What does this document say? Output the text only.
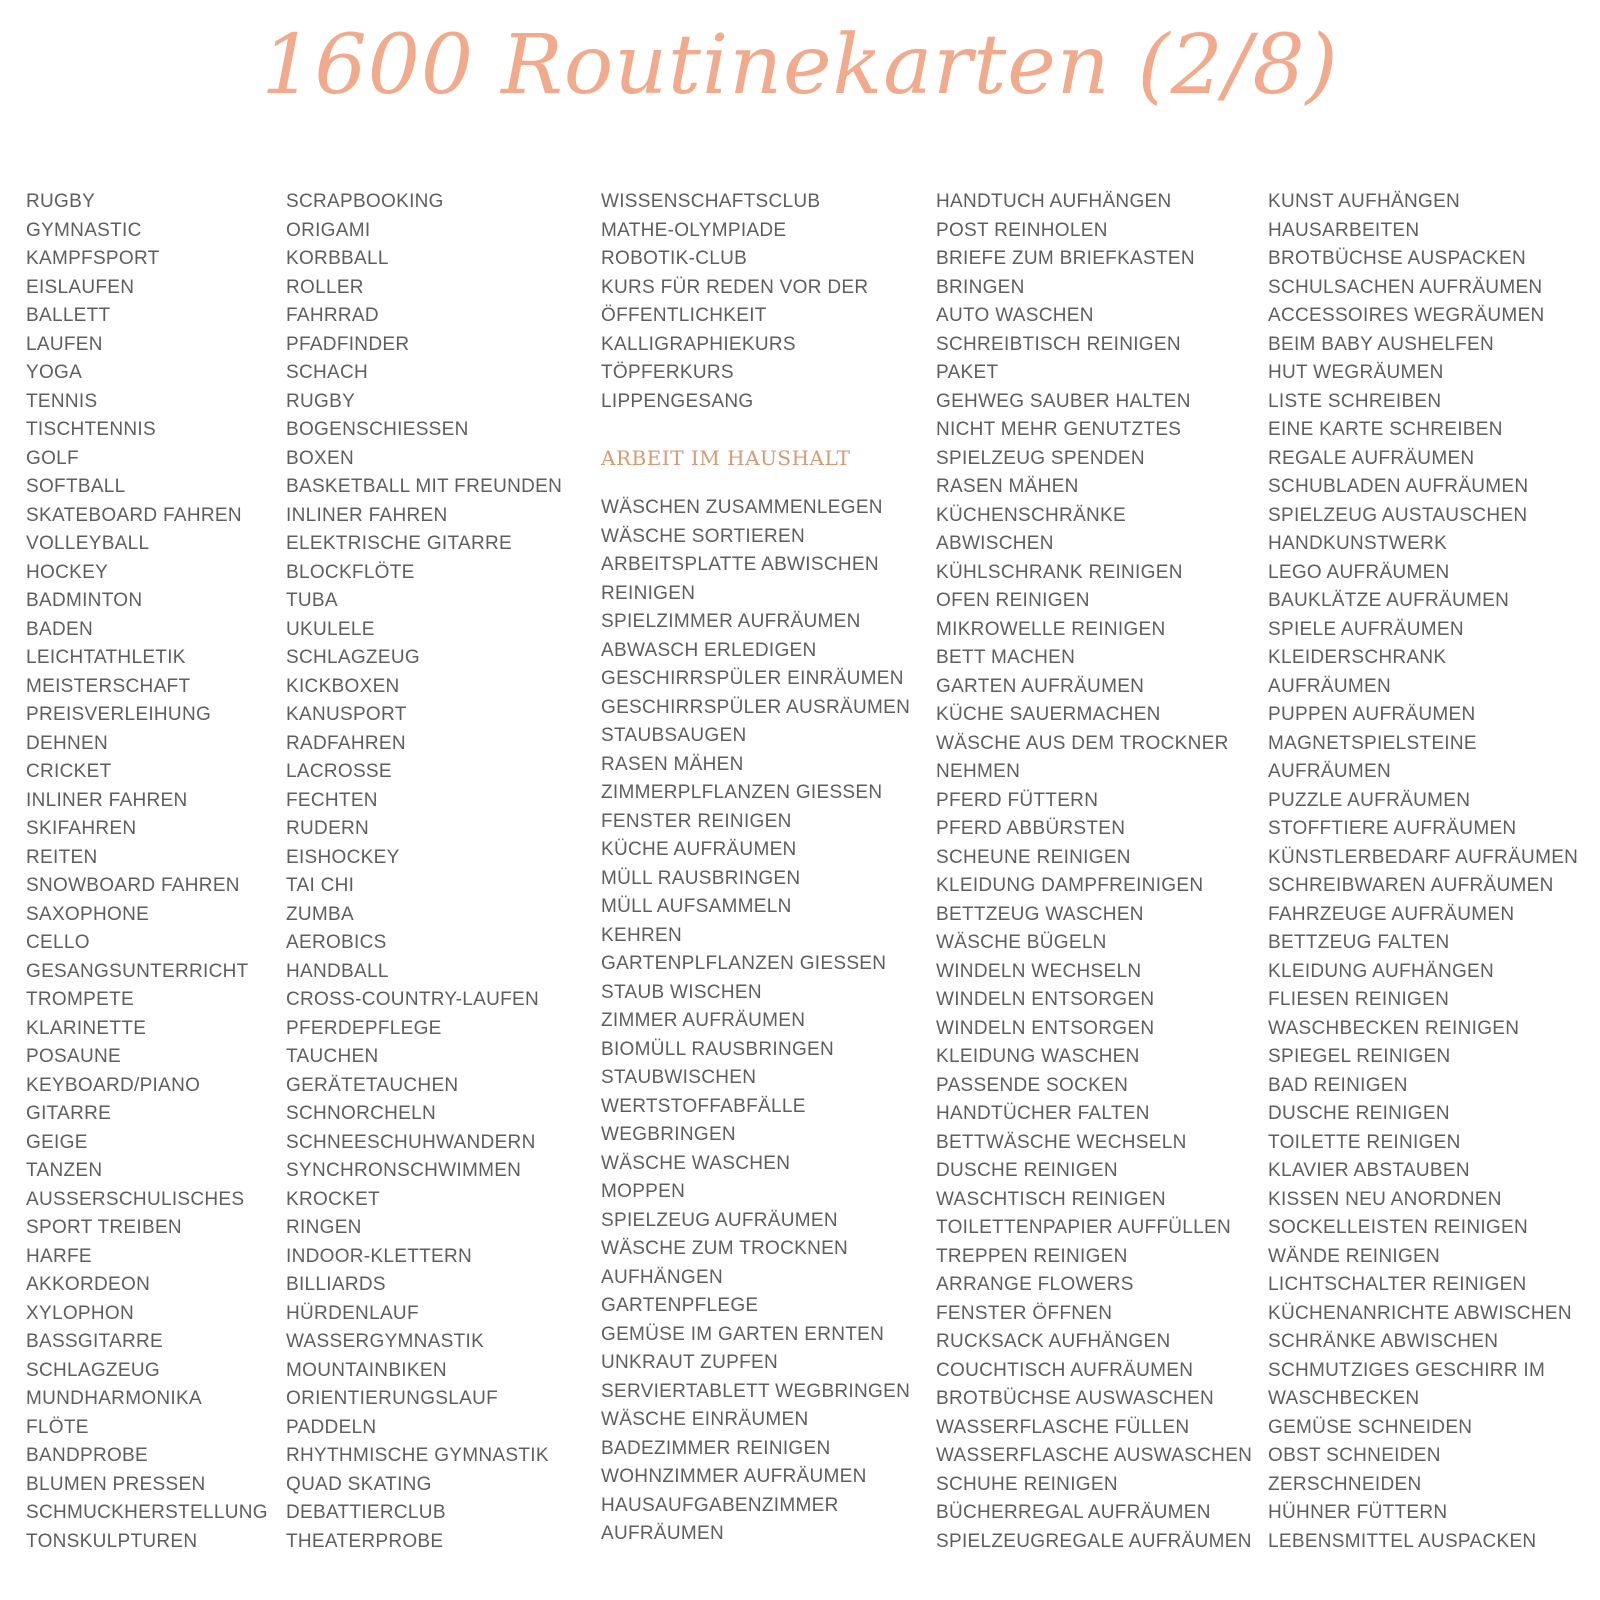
1600 Routinekarten (2/8)
RUGBY
GYMNASTIC
KAMPFSPORT
EISLAUFEN
BALLETT
LAUFEN
YOGA
TENNIS
TISCHTENNIS
GOLF
SOFTBALL
SKATEBOARD FAHREN
VOLLEYBALL
HOCKEY
BADMINTON
BADEN
LEICHTATHLETIK
MEISTERSCHAFT
PREISVERLEIHUNG
DEHNEN
CRICKET
INLINER FAHREN
SKIFAHREN
REITEN
SNOWBOARD FAHREN
SAXOPHONE
CELLO
GESANGSUNTERRICHT
TROMPETE
KLARINETTE
POSAUNE
KEYBOARD/PIANO
GITARRE
GEIGE
TANZEN
AUSSERSCHULISCHES
SPORT TREIBEN
HARFE
AKKORDEON
XYLOPHON
BASSGITARRE
SCHLAGZEUG
MUNDHARMONIKA
FLÖTE
BANDPROBE
BLUMEN PRESSEN
SCHMUCKHERSTELLUNG
TONSKULPTUREN
SCRAPBOOKING
ORIGAMI
KORBBALL
ROLLER
FAHRRAD
PFADFINDER
SCHACH
RUGBY
BOGENSCHIESSEN
BOXEN
BASKETBALL MIT FREUNDEN
INLINER FAHREN
ELEKTRISCHE GITARRE
BLOCKFLÖTE
TUBA
UKULELE
SCHLAGZEUG
KICKBOXEN
KANUSPORT
RADFAHREN
LACROSSE
FECHTEN
RUDERN
EISHOCKEY
TAI CHI
ZUMBA
AEROBICS
HANDBALL
CROSS-COUNTRY-LAUFEN
PFERDEPFLEGE
TAUCHEN
GERÄTETAUCHEN
SCHNORCHELN
SCHNEESCHUHWANDERN
SYNCHRONSCHWIMMEN
KROCKET
RINGEN
INDOOR-KLETTERN
BILLIARDS
HÜRDENLAUF
WASSERGYMNASTIK
MOUNTAINBIKEN
ORIENTIERUNGSLAUF
PADDELN
RHYTHMISCHE GYMNASTIK
QUAD SKATING
DEBATTIERCLUB
THEATERPROBE
WISSENSCHAFTSCLUB
MATHE-OLYMPIADE
ROBOTIK-CLUB
KURS FÜR REDEN VOR DER
ÖFFENTLICHKEIT
KALLIGRAPHIEKURS
TÖPFERKURS
LIPPENGESANG
ARBEIT IM HAUSHALT
WÄSCHEN ZUSAMMENLEGEN
WÄSCHE SORTIEREN
ARBEITSPLATTE ABWISCHEN
REINIGEN
SPIELZIMMER AUFRÄUMEN
ABWASCH ERLEDIGEN
GESCHIRRSPÜLER EINRÄUMEN
GESCHIRRSPÜLER AUSRÄUMEN
STAUBSAUGEN
RASEN MÄHEN
ZIMMERPLFLANZEN GIESSEN
FENSTER REINIGEN
KÜCHE AUFRÄUMEN
MÜLL RAUSBRINGEN
MÜLL AUFSAMMELN
KEHREN
GARTENPLFLANZEN GIESSEN
STAUB WISCHEN
ZIMMER AUFRÄUMEN
BIOMÜLL RAUSBRINGEN
STAUBWISCHEN
WERTSTOFFABFÄLLE
WEGBRINGEN
WÄSCHE WASCHEN
MOPPEN
SPIELZEUG AUFRÄUMEN
WÄSCHE ZUM TROCKNEN
AUFHÄNGEN
GARTENPFLEGE
GEMÜSE IM GARTEN ERNTEN
UNKRAUT ZUPFEN
SERVIERTABLETT WEGBRINGEN
WÄSCHE EINRÄUMEN
BADEZIMMER REINIGEN
WOHNZIMMER AUFRÄUMEN
HAUSAUFGABENZIMMER
AUFRÄUMEN
HANDTUCH AUFHÄNGEN
POST REINHOLEN
BRIEFE ZUM BRIEFKASTEN
BRINGEN
AUTO WASCHEN
SCHREIBTISCH REINIGEN
PAKET
GEHWEG SAUBER HALTEN
NICHT MEHR GENUTZTES
SPIELZEUG SPENDEN
RASEN MÄHEN
KÜCHENSCHRÄNKE
ABWISCHEN
KÜHLSCHRANK REINIGEN
OFEN REINIGEN
MIKROWELLE REINIGEN
BETT MACHEN
GARTEN AUFRÄUMEN
KÜCHE SAUERMACHEN
WÄSCHE AUS DEM TROCKNER
NEHMEN
PFERD FÜTTERN
PFERD ABBÜRSTEN
SCHEUNE REINIGEN
KLEIDUNG DAMPFREINIGEN
BETTZEUG WASCHEN
WÄSCHE BÜGELN
WINDELN WECHSELN
WINDELN ENTSORGEN
WINDELN ENTSORGEN
KLEIDUNG WASCHEN
PASSENDE SOCKEN
HANDTÜCHER FALTEN
BETTWÄSCHE WECHSELN
DUSCHE REINIGEN
WASCHTISCH REINIGEN
TOILETTENPAPIER AUFFÜLLEN
TREPPEN REINIGEN
ARRANGE FLOWERS
FENSTER ÖFFNEN
RUCKSACK AUFHÄNGEN
COUCHTISCH AUFRÄUMEN
BROTBÜCHSE AUSWASCHEN
WASSERFLASCHE FÜLLEN
WASSERFLASCHE AUSWASCHEN
SCHUHE REINIGEN
BÜCHERREGAL AUFRÄUMEN
SPIELZEUGREGALE AUFRÄUMEN
KUNST AUFHÄNGEN
HAUSARBEITEN
BROTBÜCHSE AUSPACKEN
SCHULSACHEN AUFRÄUMEN
ACCESSOIRES WEGRÄUMEN
BEIM BABY AUSHELFEN
HUT WEGRÄUMEN
LISTE SCHREIBEN
EINE KARTE SCHREIBEN
REGALE AUFRÄUMEN
SCHUBLADEN AUFRÄUMEN
SPIELZEUG AUSTAUSCHEN
HANDKUNSTWERK
LEGO AUFRÄUMEN
BAUKLÄTZE AUFRÄUMEN
SPIELE AUFRÄUMEN
KLEIDERSCHRANK
AUFRÄUMEN
PUPPEN AUFRÄUMEN
MAGNETSPIELSTEINE
AUFRÄUMEN
PUZZLE AUFRÄUMEN
STOFFTIERE AUFRÄUMEN
KÜNSTLERBEDARF AUFRÄUMEN
SCHREIBWAREN AUFRÄUMEN
FAHRZEUGE AUFRÄUMEN
BETTZEUG FALTEN
KLEIDUNG AUFHÄNGEN
FLIESEN REINIGEN
WASCHBECKEN REINIGEN
SPIEGEL REINIGEN
BAD REINIGEN
DUSCHE REINIGEN
TOILETTE REINIGEN
KLAVIER ABSTAUBEN
KISSEN NEU ANORDNEN
SOCKELLEISTEN REINIGEN
WÄNDE REINIGEN
LICHTSCHALTER REINIGEN
KÜCHENANRICHTE ABWISCHEN
SCHRÄNKE ABWISCHEN
SCHMUTZIGES GESCHIRR IM
WASCHBECKEN
GEMÜSE SCHNEIDEN
OBST SCHNEIDEN
ZERSCHNEIDEN
HÜHNER FÜTTERN
LEBENSMITTEL AUSPACKEN
